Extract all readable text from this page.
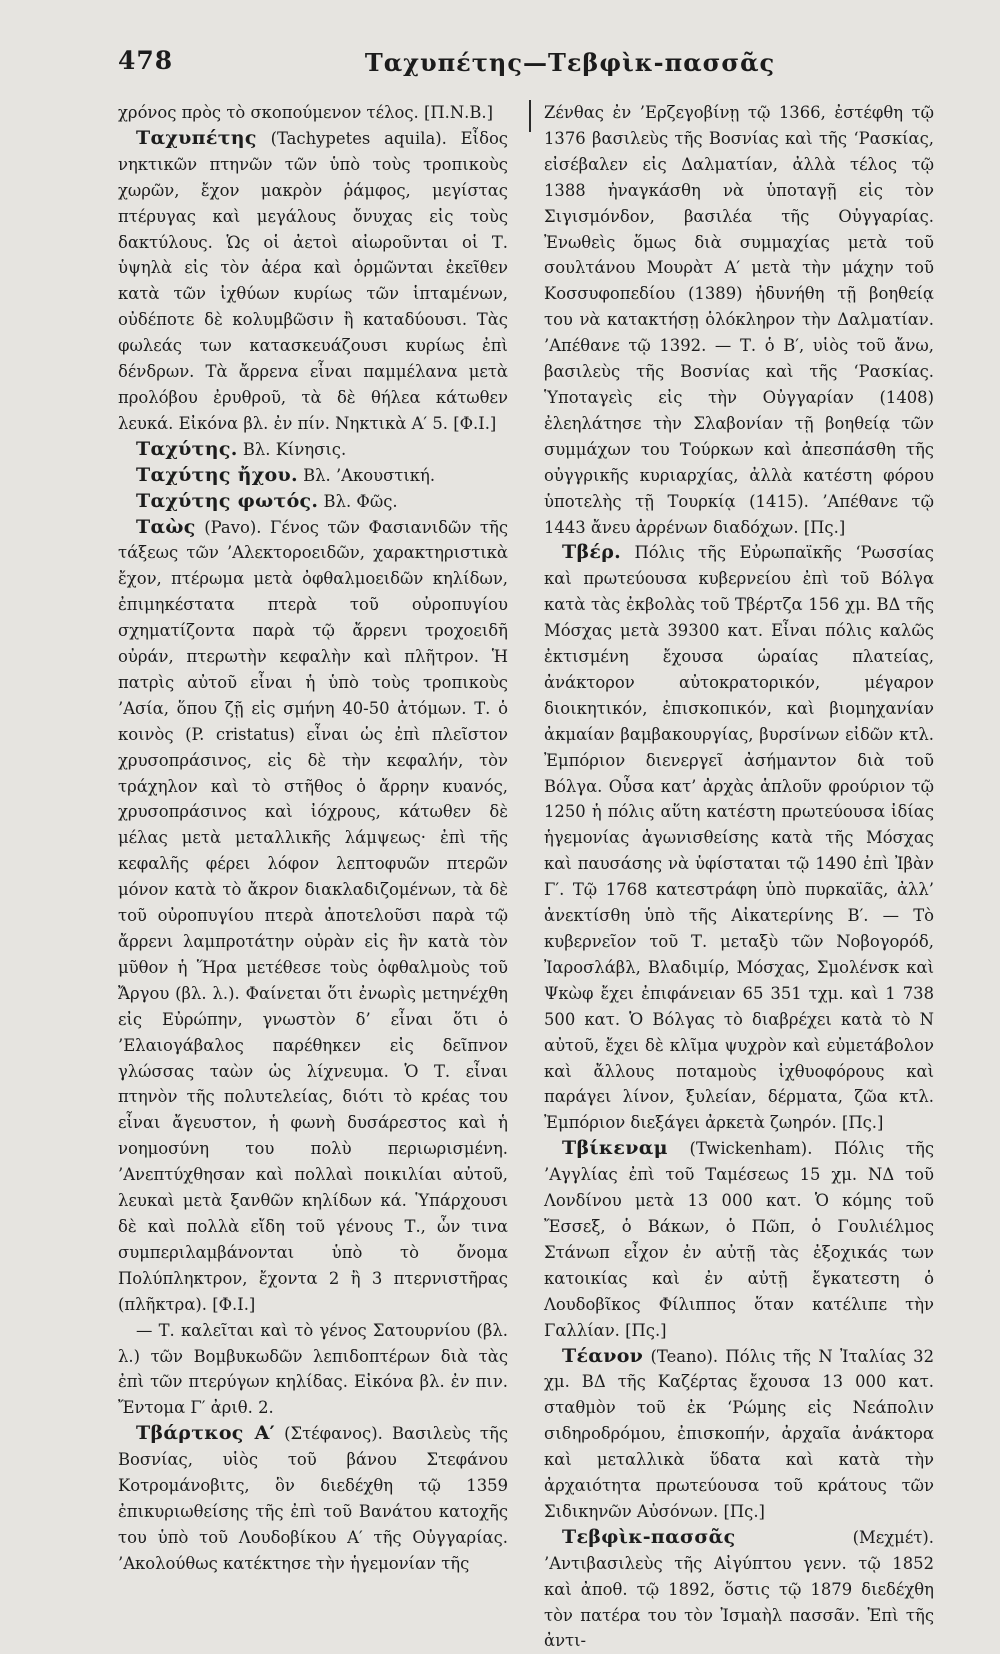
478	Ταχυπέτης—Τεβφὶκ-πασσᾶς

χρόνος πρὸς τὸ σκοπούμενον τέλος. [Π.Ν.Β.]

Ταχυπέτης (Tachypetes aquila). Εἶδος νηκτικῶν πτηνῶν τῶν ὑπὸ τοὺς τροπικοὺς χωρῶν, ἔχον μακρὸν ῥάμφος, μεγίστας πτέρυγας καὶ μεγάλους ὄνυχας εἰς τοὺς δακτύλους. Ὡς οἱ ἀετοὶ αἰωροῦνται οἱ Τ. ὑψηλὰ εἰς τὸν ἀέρα καὶ ὁρμῶνται ἐκεῖθεν κατὰ τῶν ἰχθύων κυρίως τῶν ἱπταμένων, οὐδέποτε δὲ κολυμβῶσιν ἢ καταδύουσι. Τὰς φωλεάς των κατασκευάζουσι κυρίως ἐπὶ δένδρων. Τὰ ἄρρενα εἶναι παμμέλανα μετὰ προλόβου ἐρυθροῦ, τὰ δὲ θήλεα κάτωθεν λευκά. Εἰκόνα βλ. ἐν πίν. Νηκτικὰ Α′ 5. [Φ.Ι.]

Ταχύτης. Βλ. Κίνησις.

Ταχύτης ἤχου. Βλ. ’Ακουστική.

Ταχύτης φωτός. Βλ. Φῶς.

Ταὼς (Pavo). Γένος τῶν Φασιανιδῶν τῆς τάξεως τῶν ’Αλεκτοροειδῶν, χαρακτηριστικὰ ἔχον, πτέρωμα μετὰ ὀφθαλμοειδῶν κηλίδων, ἐπιμηκέστατα πτερὰ τοῦ οὐροπυγίου σχηματίζοντα παρὰ τῷ ἄρρενι τροχοειδῆ οὐράν, πτερωτὴν κεφαλὴν καὶ πλῆτρον. Ἡ πατρὶς αὐτοῦ εἶναι ἡ ὑπὸ τοὺς τροπικοὺς ’Ασία, ὅπου ζῇ εἰς σμήνη 40-50 ἀτόμων. Τ. ὁ κοινὸς (P. cristatus) εἶναι ὡς ἐπὶ πλεῖστον χρυσοπράσινος, εἰς δὲ τὴν κεφαλήν, τὸν τράχηλον καὶ τὸ στῆθος ὁ ἄρρην κυανός, χρυσοπράσινος καὶ ἰόχρους, κάτωθεν δὲ μέλας μετὰ μεταλλικῆς λάμψεως· ἐπὶ τῆς κεφαλῆς φέρει λόφον λεπτοφυῶν πτερῶν μόνον κατὰ τὸ ἄκρον διακλαδιζομένων, τὰ δὲ τοῦ οὐροπυγίου πτερὰ ἀποτελοῦσι παρὰ τῷ ἄρρενι λαμπροτάτην οὐρὰν εἰς ἣν κατὰ τὸν μῦθον ἡ Ἥρα μετέθεσε τοὺς ὀφθαλμοὺς τοῦ Ἄργου (βλ. λ.). Φαίνεται ὅτι ἐνωρὶς μετηνέχθη εἰς Εὐρώπην, γνωστὸν δ’ εἶναι ὅτι ὁ ’Ελαιογάβαλος παρέθηκεν εἰς δεῖπνον γλώσσας ταὼν ὡς λίχνευμα. Ὁ Τ. εἶναι πτηνὸν τῆς πολυτελείας, διότι τὸ κρέας του εἶναι ἄγευστον, ἡ φωνὴ δυσάρεστος καὶ ἡ νοημοσύνη του πολὺ περιωρισμένη. ’Ανεπτύχθησαν καὶ πολλαὶ ποικιλίαι αὐτοῦ, λευκαὶ μετὰ ξανθῶν κηλίδων κά. Ὑπάρχουσι δὲ καὶ πολλὰ εἴδη τοῦ γένους Τ., ὧν τινα συμπεριλαμβάνονται ὑπὸ τὸ ὄνομα Πολύπληκτρον, ἔχοντα 2 ἢ 3 πτερνιστῆρας (πλῆκτρα). [Φ.Ι.]

— Τ. καλεῖται καὶ τὸ γένος Σατουρνίου (βλ. λ.) τῶν Βομβυκωδῶν λεπιδοπτέρων διὰ τὰς ἐπὶ τῶν πτερύγων κηλίδας. Εἰκόνα βλ. ἐν πιν. Ἔντομα Γ′ ἀριθ. 2.

Τβάρτκος Α′ (Στέφανος). Βασιλεὺς τῆς Βοσνίας, υἱὸς τοῦ βάνου Στεφάνου Κοτρομάνοβιτς, ὃν διεδέχθη τῷ 1359 ἐπικυριωθείσης τῆς ἐπὶ τοῦ Βανάτου κατοχῆς του ὑπὸ τοῦ Λουδοβίκου Α′ τῆς Οὐγγαρίας. ’Ακολούθως κατέκτησε τὴν ἡγεμονίαν τῆς

Ζένθας ἐν ’Ερζεγοβίνῃ τῷ 1366, ἐστέφθη τῷ 1376 βασιλεὺς τῆς Βοσνίας καὶ τῆς ‘Ρασκίας, εἰσέβαλεν εἰς Δαλματίαν, ἀλλὰ τέλος τῷ 1388 ἠναγκάσθη νὰ ὑποταγῇ εἰς τὸν Σιγισμόνδον, βασιλέα τῆς Οὐγγαρίας. Ἐνωθεὶς ὅμως διὰ συμμαχίας μετὰ τοῦ σουλτάνου Μουρὰτ Α′ μετὰ τὴν μάχην τοῦ Κοσσυφοπεδίου (1389) ἠδυνήθη τῇ βοηθείᾳ του νὰ κατακτήσῃ ὁλόκληρον τὴν Δαλματίαν. ’Απέθανε τῷ 1392. — Τ. ὁ Β′, υἱὸς τοῦ ἄνω, βασιλεὺς τῆς Βοσνίας καὶ τῆς ‘Ρασκίας. Ὑποταγεὶς εἰς τὴν Οὐγγαρίαν (1408) ἐλεηλάτησε τὴν Σλαβονίαν τῇ βοηθείᾳ τῶν συμμάχων του Τούρκων καὶ ἀπεσπάσθη τῆς οὐγγρικῆς κυριαρχίας, ἀλλὰ κατέστη φόρου ὑποτελὴς τῇ Τουρκίᾳ (1415). ’Απέθανε τῷ 1443 ἄνευ ἀρρένων διαδόχων. [Πς.]

Τβέρ. Πόλις τῆς Εὐρωπαϊκῆς ‘Ρωσσίας καὶ πρωτεύουσα κυβερνείου ἐπὶ τοῦ Βόλγα κατὰ τὰς ἐκβολὰς τοῦ Τβέρτζα 156 χμ. ΒΔ τῆς Μόσχας μετὰ 39300 κατ. Εἶναι πόλις καλῶς ἐκτισμένη ἔχουσα ὡραίας πλατείας, ἀνάκτορον αὐτοκρατορικόν, μέγαρον διοικητικόν, ἐπισκοπικόν, καὶ βιομηχανίαν ἀκμαίαν βαμβακουργίας, βυρσίνων εἰδῶν κτλ. Ἐμπόριον διενεργεῖ ἀσήμαντον διὰ τοῦ Βόλγα. Οὖσα κατ’ ἀρχὰς ἁπλοῦν φρούριον τῷ 1250 ἡ πόλις αὕτη κατέστη πρωτεύουσα ἰδίας ἡγεμονίας ἀγωνισθείσης κατὰ τῆς Μόσχας καὶ παυσάσης νὰ ὑφίσταται τῷ 1490 ἐπὶ Ἰβὰν Γ′. Τῷ 1768 κατεστράφη ὑπὸ πυρκαϊᾶς, ἀλλ’ ἀνεκτίσθη ὑπὸ τῆς Αἰκατερίνης Β′. — Τὸ κυβερνεῖον τοῦ Τ. μεταξὺ τῶν Νοβογορόδ, Ἰαροσλάβλ, Βλαδιμίρ, Μόσχας, Σμολένσκ καὶ Ψκὼφ ἔχει ἐπιφάνειαν 65 351 τχμ. καὶ 1 738 500 κατ. Ὁ Βόλγας τὸ διαβρέχει κατὰ τὸ Ν αὐτοῦ, ἔχει δὲ κλῖμα ψυχρὸν καὶ εὐμετάβολον καὶ ἄλλους ποταμοὺς ἰχθυοφόρους καὶ παράγει λίνον, ξυλείαν, δέρματα, ζῶα κτλ. Ἐμπόριον διεξάγει ἀρκετὰ ζωηρόν. [Πς.]

Τβίκεναμ (Twickenham). Πόλις τῆς ’Αγγλίας ἐπὶ τοῦ Ταμέσεως 15 χμ. ΝΔ τοῦ Λονδίνου μετὰ 13 000 κατ. Ὁ κόμης τοῦ Ἔσσεξ, ὁ Βάκων, ὁ Πῶπ, ὁ Γουλιέλμος Στάνωπ εἶχον ἐν αὐτῇ τὰς ἐξοχικάς των κατοικίας καὶ ἐν αὐτῇ ἔγκατεστη ὁ Λουδοβῖκος Φίλιππος ὅταν κατέλιπε τὴν Γαλλίαν. [Πς.]

Τέανον (Teano). Πόλις τῆς Ν Ἰταλίας 32 χμ. ΒΔ τῆς Καζέρτας ἔχουσα 13 000 κατ. σταθμὸν τοῦ ἐκ ‘Ρώμης εἰς Νεάπολιν σιδηροδρόμου, ἐπισκοπήν, ἀρχαῖα ἀνάκτορα καὶ μεταλλικὰ ὕδατα καὶ κατὰ τὴν ἀρχαιότητα πρωτεύουσα τοῦ κράτους τῶν Σιδικηνῶν Αὐσόνων. [Πς.]

Τεβφὶκ-πασσᾶς (Μεχμέτ). ’Αντιβασιλεὺς τῆς Αἰγύπτου γενν. τῷ 1852 καὶ ἀποθ. τῷ 1892, ὅστις τῷ 1879 διεδέχθη τὸν πατέρα του τὸν Ἰσμαὴλ πασσᾶν. Ἐπὶ τῆς ἀντι-
